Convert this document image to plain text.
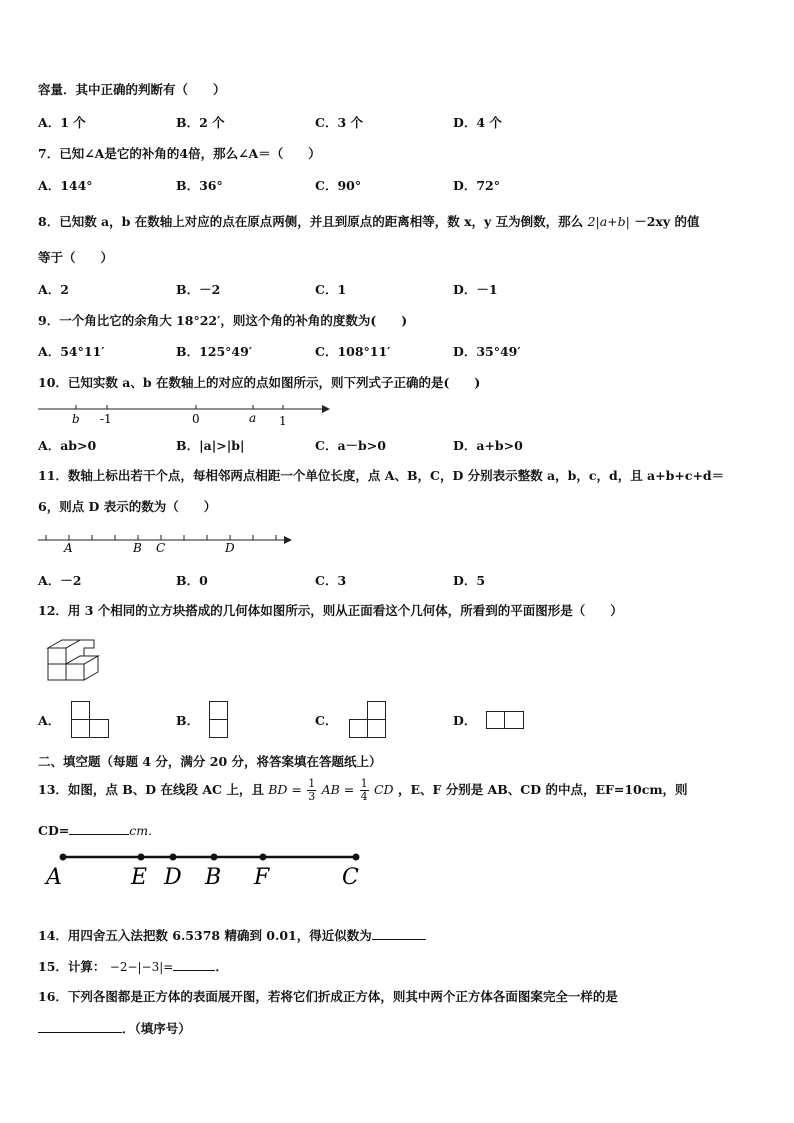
容量．其中正确的判断有（　　）
A．1 个	B．2 个	C．3 个	D．4 个
7．已知∠A是它的补角的4倍，那么∠A＝（　　）
A．144°	B．36°	C．90°	D．72°
8．已知数 a，b 在数轴上对应的点在原点两侧，并且到原点的距离相等，数 x，y 互为倒数，那么 2|a+b| －2xy 的值
等于（　　）
A．2	B．－2	C．1	D．－1
9．一个角比它的余角大 18°22′，则这个角的补角的度数为(　　)
A．54°11′	B．125°49′	C．108°11′	D．35°49′
10．已知实数 a、b 在数轴上的对应的点如图所示，则下列式子正确的是(　　)
b -1	0	a 1
A．ab>0	B．|a|>|b|	C．a－b>0	D．a+b>0
11．数轴上标出若干个点，每相邻两点相距一个单位长度，点 A、B，C，D 分别表示整数 a，b，c，d，且 a+b+c+d＝
6，则点 D 表示的数为（　　）
A	B C	D
A．－2	B．0	C．3	D．5
12．用 3 个相同的立方块搭成的几何体如图所示，则从正面看这个几何体，所看到的平面图形是（　　）
A．	B．	C．	D．
二、填空题（每题 4 分，满分 20 分，将答案填在答题纸上）
13．如图，点 B、D 在线段 AC 上，且 BD = $\frac{1}{3}$ AB = $\frac{1}{4}$ CD ，E、F 分别是 AB、CD 的中点，EF=10cm，则
CD=	cm.
A	E D B F	C
14．用四舍五入法把数 6.5378 精确到 0.01，得近似数为
15．计算： −2−|−3|=	．
16．下列各图都是正方体的表面展开图，若将它们折成正方体，则其中两个正方体各面图案完全一样的是
．（填序号）
